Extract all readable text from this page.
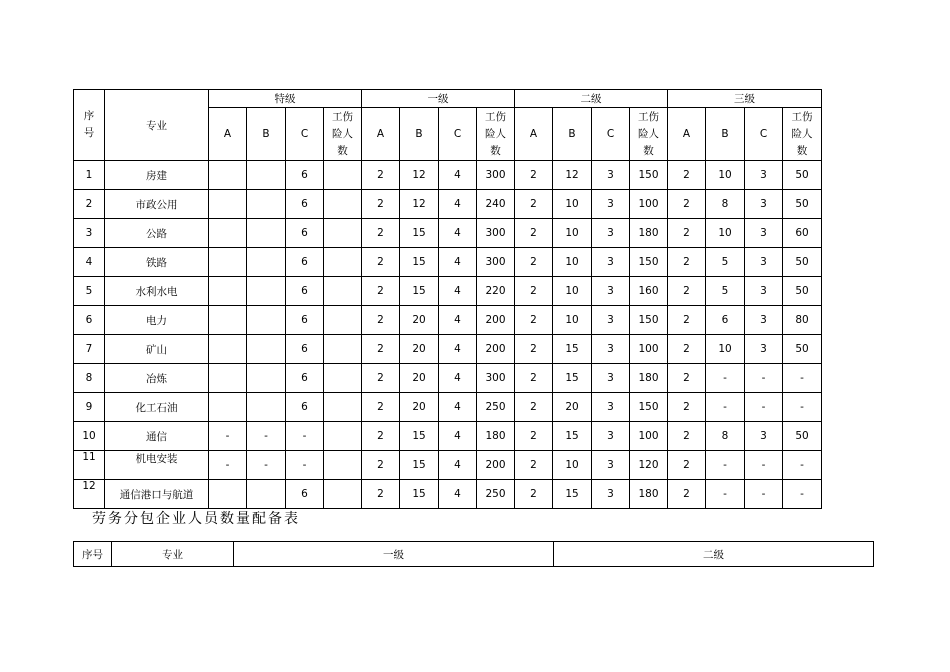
序号	专业	特级				一级				二级				三级			
		A	B	C	工伤险人数	A	B	C	工伤险人数	A	B	C	工伤险人数	A	B	C	工伤险人数
1	房建			6		2	12	4	300	2	12	3	150	2	10	3	50
2	市政公用			6		2	12	4	240	2	10	3	100	2	8	3	50
3	公路			6		2	15	4	300	2	10	3	180	2	10	3	60
4	铁路			6		2	15	4	300	2	10	3	150	2	5	3	50
5	水利水电			6		2	15	4	220	2	10	3	160	2	5	3	50
6	电力			6		2	20	4	200	2	10	3	150	2	6	3	80
7	矿山			6		2	20	4	200	2	15	3	100	2	10	3	50
8	冶炼			6		2	20	4	300	2	15	3	180	2	-	-	-
9	化工石油			6		2	20	4	250	2	20	3	150	2	-	-	-
10	通信	-	-	-		2	15	4	180	2	15	3	100	2	8	3	50
11	机电安装	-	-	-		2	15	4	200	2	10	3	120	2	-	-	-
12	通信港口与航道			6		2	15	4	250	2	15	3	180	2	-	-	-
劳务分包企业人员数量配备表
序号	专业	一级	二级
